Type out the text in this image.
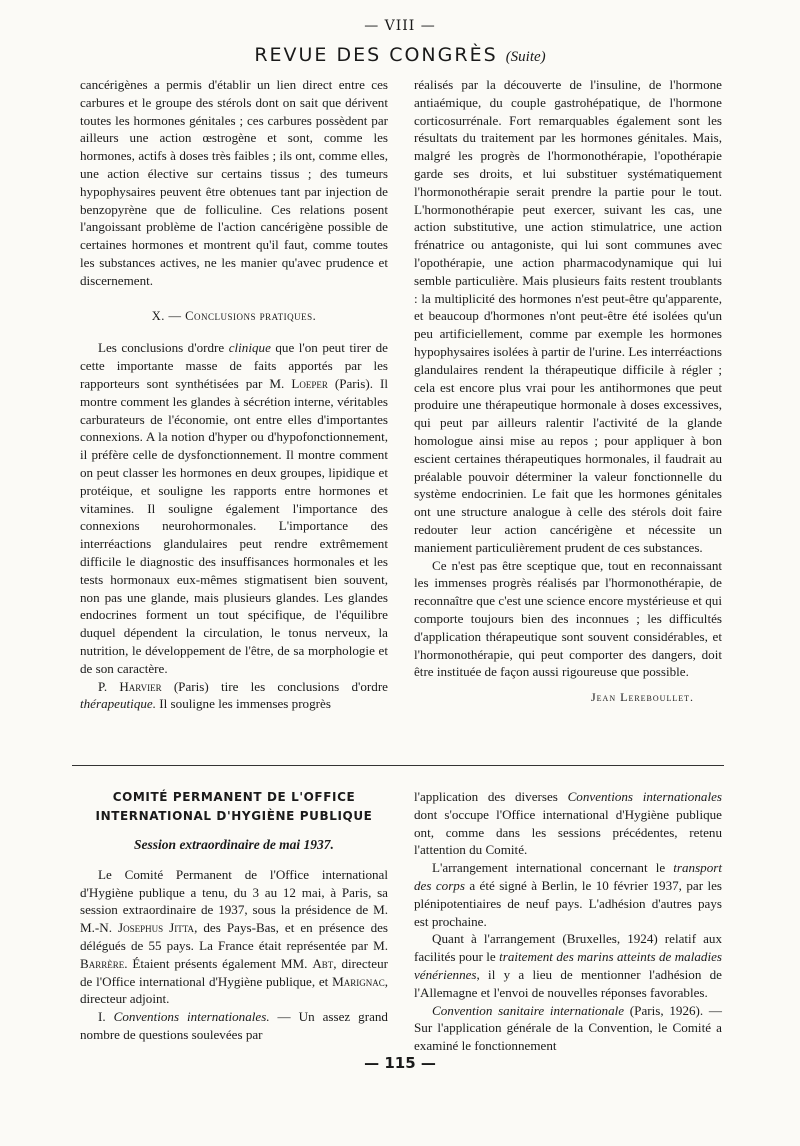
— VIII —
REVUE DES CONGRÈS (Suite)

cancérigènes a permis d'établir un lien direct entre ces carbures et le groupe des stérols dont on sait que dérivent toutes les hormones génitales ; ces carbures possèdent par ailleurs une action œstrogène et sont, comme les hormones, actifs à doses très faibles ; ils ont, comme elles, une action élective sur certains tissus ; des tumeurs hypophysaires peuvent être obtenues tant par injection de benzopyrène que de folliculine. Ces relations posent l'angoissant problème de l'action cancérigène possible de certaines hormones et montrent qu'il faut, comme toutes les substances actives, ne les manier qu'avec prudence et discernement.

X. — Conclusions pratiques.

Les conclusions d'ordre clinique que l'on peut tirer de cette importante masse de faits apportés par les rapporteurs sont synthétisées par M. Loeper (Paris). Il montre comment les glandes à sécrétion interne, véritables carburateurs de l'économie, ont entre elles d'importantes connexions. A la notion d'hyper ou d'hypofonctionnement, il préfère celle de dysfonctionnement. Il montre comment on peut classer les hormones en deux groupes, lipidique et protéique, et souligne les rapports entre hormones et vitamines. Il souligne également l'importance des connexions neurohormonales. L'importance des interréactions glandulaires peut rendre extrêmement difficile le diagnostic des insuffisances hormonales et les tests hormonaux eux-mêmes stigmatisent bien souvent, non pas une glande, mais plusieurs glandes. Les glandes endocrines forment un tout spécifique, de l'équilibre duquel dépendent la circulation, le tonus nerveux, la nutrition, le développement de l'être, de sa morphologie et de son caractère.

P. Harvier (Paris) tire les conclusions d'ordre thérapeutique. Il souligne les immenses progrès

réalisés par la découverte de l'insuline, de l'hormone antiaémique, du couple gastrohépatique, de l'hormone corticosurrénale. Fort remarquables également sont les résultats du traitement par les hormones génitales. Mais, malgré les progrès de l'hormonothérapie, l'opothérapie garde ses droits, et lui substituer systématiquement l'hormonothérapie serait prendre la partie pour le tout. L'hormonothérapie peut exercer, suivant les cas, une action substitutive, une action stimulatrice, une action frénatrice ou antagoniste, qui lui sont communes avec l'opothérapie, une action pharmacodynamique qui lui semble particulière. Mais plusieurs faits restent troublants : la multiplicité des hormones n'est peut-être qu'apparente, et beaucoup d'hormones n'ont peut-être été isolées qu'un peu artificiellement, comme par exemple les hormones hypophysaires isolées à partir de l'urine. Les interréactions glandulaires rendent la thérapeutique difficile à régler ; cela est encore plus vrai pour les antihormones que peut produire une thérapeutique hormonale à doses excessives, qui peut par ailleurs ralentir l'activité de la glande homologue ainsi mise au repos ; pour appliquer à bon escient certaines thérapeutiques hormonales, il faudrait au préalable pouvoir déterminer la valeur fonctionnelle du système endocrinien. Le fait que les hormones génitales ont une structure analogue à celle des stérols doit faire redouter leur action cancérigène et nécessite un maniement particulièrement prudent de ces substances.

Ce n'est pas être sceptique que, tout en reconnaissant les immenses progrès réalisés par l'hormonothérapie, de reconnaître que c'est une science encore mystérieuse et qui comporte toujours bien des inconnues ; les difficultés d'application thérapeutique sont souvent considérables, et l'hormonothérapie, qui peut comporter des dangers, doit être instituée de façon aussi rigoureuse que possible.

Jean Lereboullet.

COMITÉ PERMANENT DE L'OFFICE
INTERNATIONAL D'HYGIÈNE PUBLIQUE
Session extraordinaire de mai 1937.

Le Comité Permanent de l'Office international d'Hygiène publique a tenu, du 3 au 12 mai, à Paris, sa session extraordinaire de 1937, sous la présidence de M. M.-N. Josephus Jitta, des Pays-Bas, et en présence des délégués de 55 pays. La France était représentée par M. Barrère. Étaient présents également MM. Abt, directeur de l'Office international d'Hygiène publique, et Marignac, directeur adjoint.

I. Conventions internationales. — Un assez grand nombre de questions soulevées par

l'application des diverses Conventions internationales dont s'occupe l'Office international d'Hygiène publique ont, comme dans les sessions précédentes, retenu l'attention du Comité.

L'arrangement international concernant le transport des corps a été signé à Berlin, le 10 février 1937, par les plénipotentiaires de neuf pays. L'adhésion d'autres pays est prochaine.

Quant à l'arrangement (Bruxelles, 1924) relatif aux facilités pour le traitement des marins atteints de maladies vénériennes, il y a lieu de mentionner l'adhésion de l'Allemagne et l'envoi de nouvelles réponses favorables.

Convention sanitaire internationale (Paris, 1926). — Sur l'application générale de la Convention, le Comité a examiné le fonctionnement

— 115 —
